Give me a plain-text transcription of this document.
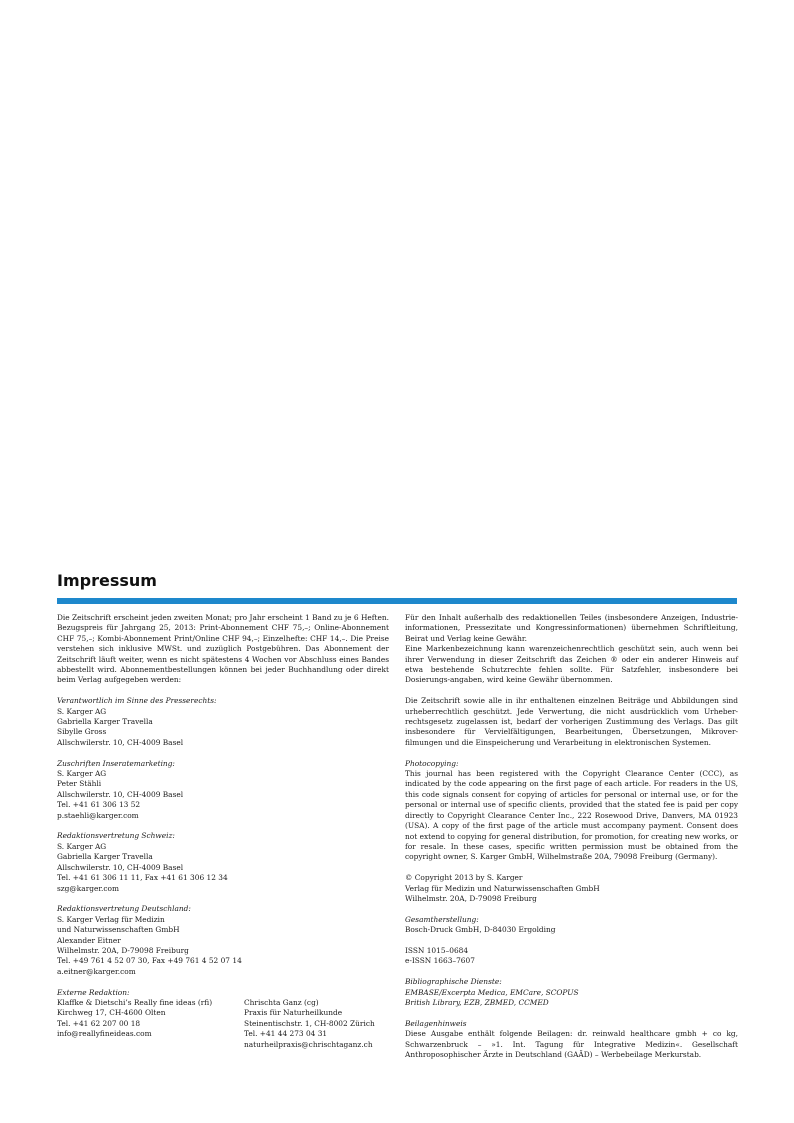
Impressum

Die Zeitschrift erscheint jeden zweiten Monat; pro Jahr erscheint 1 Band zu je 6 Heften. Bezugspreis für Jahrgang 25, 2013: Print-Abonnement CHF 75,–; Online-Abonnement CHF 75,–; Kombi-Abonnement Print/Online CHF 94,–; Einzelhefte: CHF 14,–. Die Preise verstehen sich inklusive MWSt. und zuzüglich Postgebühren. Das Abonnement der Zeitschrift läuft weiter, wenn es nicht spätestens 4 Wochen vor Abschluss eines Bandes abbestellt wird. Abonnementbestellungen können bei jeder Buchhandlung oder direkt beim Verlag aufgegeben werden:

Verantwortlich im Sinne des Presserechts:

S. Karger AG

Gabriella Karger Travella

Sibylle Gross

Allschwilerstr. 10, CH-4009 Basel

Zuschriften Inseratemarketing:

S. Karger AG

Peter Stähli

Allschwilerstr. 10, CH-4009 Basel

Tel. +41 61 306 13 52

p.staehli@karger.com

Redaktionsvertretung Schweiz:

S. Karger AG

Gabriella Karger Travella

Allschwilerstr. 10, CH-4009 Basel

Tel. +41 61 306 11 11, Fax +41 61 306 12 34

szg@karger.com

Redaktionsvertretung Deutschland:

S. Karger Verlag für Medizin

und Naturwissenschaften GmbH

Alexander Eitner

Wilhelmstr. 20A, D-79098 Freiburg

Tel. +49 761 4 52 07 30, Fax +49 761 4 52 07 14

a.eitner@karger.com

Externe Redaktion:

Klaffke & Dietschi’s Really fine ideas (rfi)

Kirchweg 17, CH-4600 Olten

Tel. +41 62 207 00 18

info@reallyfineideas.com

Chrischta Ganz (cg)

Praxis für Naturheilkunde

Steinentischstr. 1, CH-8002 Zürich

Tel. +41 44 273 04 31

naturheilpraxis@chrischtaganz.ch

Für den Inhalt außerhalb des redaktionellen Teiles (insbesondere Anzeigen, Industrie-informationen, Pressezitate und Kongressinformationen) übernehmen Schriftleitung, Beirat und Verlag keine Gewähr.

Eine Markenbezeichnung kann warenzeichenrechtlich geschützt sein, auch wenn bei ihrer Verwendung in dieser Zeitschrift das Zeichen ® oder ein anderer Hinweis auf etwa bestehende Schutzrechte fehlen sollte. Für Satzfehler, insbesondere bei Dosierungs-angaben, wird keine Gewähr übernommen.

Die Zeitschrift sowie alle in ihr enthaltenen einzelnen Beiträge und Abbildungen sind urheberrechtlich geschützt. Jede Verwertung, die nicht ausdrücklich vom Urheber-rechtsgesetz zugelassen ist, bedarf der vorherigen Zustimmung des Verlags. Das gilt insbesondere für Vervielfältigungen, Bearbeitungen, Übersetzungen, Mikrover-filmungen und die Einspeicherung und Verarbeitung in elektronischen Systemen.

Photocopying:

This journal has been registered with the Copyright Clearance Center (CCC), as indicated by the code appearing on the first page of each article. For readers in the US, this code signals consent for copying of articles for personal or internal use, or for the personal or internal use of specific clients, provided that the stated fee is paid per copy directly to Copyright Clearance Center Inc., 222 Rosewood Drive, Danvers, MA 01923 (USA). A copy of the first page of the article must accompany payment. Consent does not extend to copying for general distribution, for promotion, for creating new works, or for resale. In these cases, specific written permission must be obtained from the copyright owner, S. Karger GmbH, Wilhelmstraße 20A, 79098 Freiburg (Germany).

© Copyright 2013 by S. Karger

Verlag für Medizin und Naturwissenschaften GmbH

Wilhelmstr. 20A, D-79098 Freiburg

Gesamtherstellung:

Bosch-Druck GmbH, D-84030 Ergolding

ISSN 1015–0684

e-ISSN 1663–7607

Bibliographische Dienste:

EMBASE/Excerpta Medica, EMCare, SCOPUS

British Library, EZB, ZBMED, CCMED

Beilagenhinweis

Diese Ausgabe enthält folgende Beilagen: dr. reinwald healthcare gmbh + co kg, Schwarzenbruck – »1. Int. Tagung für Integrative Medizin«. Gesellschaft Anthroposophischer Ärzte in Deutschland (GAÄD) – Werbebeilage Merkurstab.
